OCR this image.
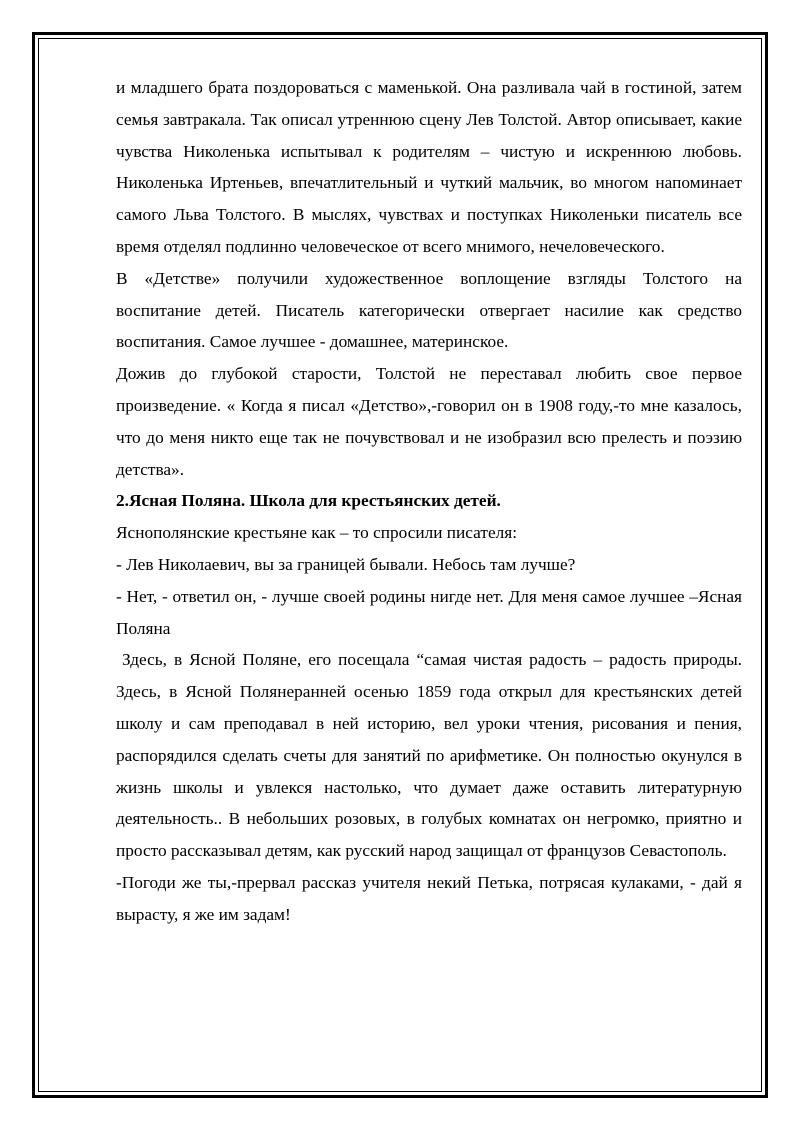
и младшего брата поздороваться с маменькой. Она разливала чай в гостиной, затем семья завтракала. Так описал утреннюю сцену Лев Толстой. Автор описывает, какие чувства Николенька испытывал к родителям – чистую и искреннюю любовь. Николенька Иртеньев, впечатлительный и чуткий мальчик, во многом напоминает самого Льва Толстого. В мыслях, чувствах и поступках Николеньки писатель все время отделял подлинно человеческое от всего мнимого, нечеловеческого.

В «Детстве» получили художественное воплощение взгляды Толстого на воспитание детей. Писатель категорически отвергает насилие как средство воспитания. Самое лучшее - домашнее, материнское.

Дожив до глубокой старости, Толстой не переставал любить свое первое произведение. « Когда я писал «Детство»,-говорил он в 1908 году,-то мне казалось, что до меня никто еще так не почувствовал и не изобразил всю прелесть и поэзию детства».

2.Ясная Поляна. Школа для крестьянских детей.

Яснополянские крестьяне как – то спросили писателя:

- Лев Николаевич, вы за границей бывали. Небось там лучше?

- Нет, - ответил он, - лучше своей родины нигде нет. Для меня самое лучшее –Ясная Поляна

Здесь, в Ясной Поляне, его посещала “самая чистая радость – радость природы. Здесь, в Ясной Полянеранней осенью 1859 года открыл для крестьянских детей школу и сам преподавал в ней историю, вел уроки чтения, рисования и пения, распорядился сделать счеты для занятий по арифметике. Он полностью окунулся в жизнь школы и увлекся настолько, что думает даже оставить литературную деятельность.. В небольших розовых, в голубых комнатах он негромко, приятно и просто рассказывал детям, как русский народ защищал от французов Севастополь.

-Погоди же ты,-прервал рассказ учителя некий Петька, потрясая кулаками, - дай я вырасту, я же им задам!
